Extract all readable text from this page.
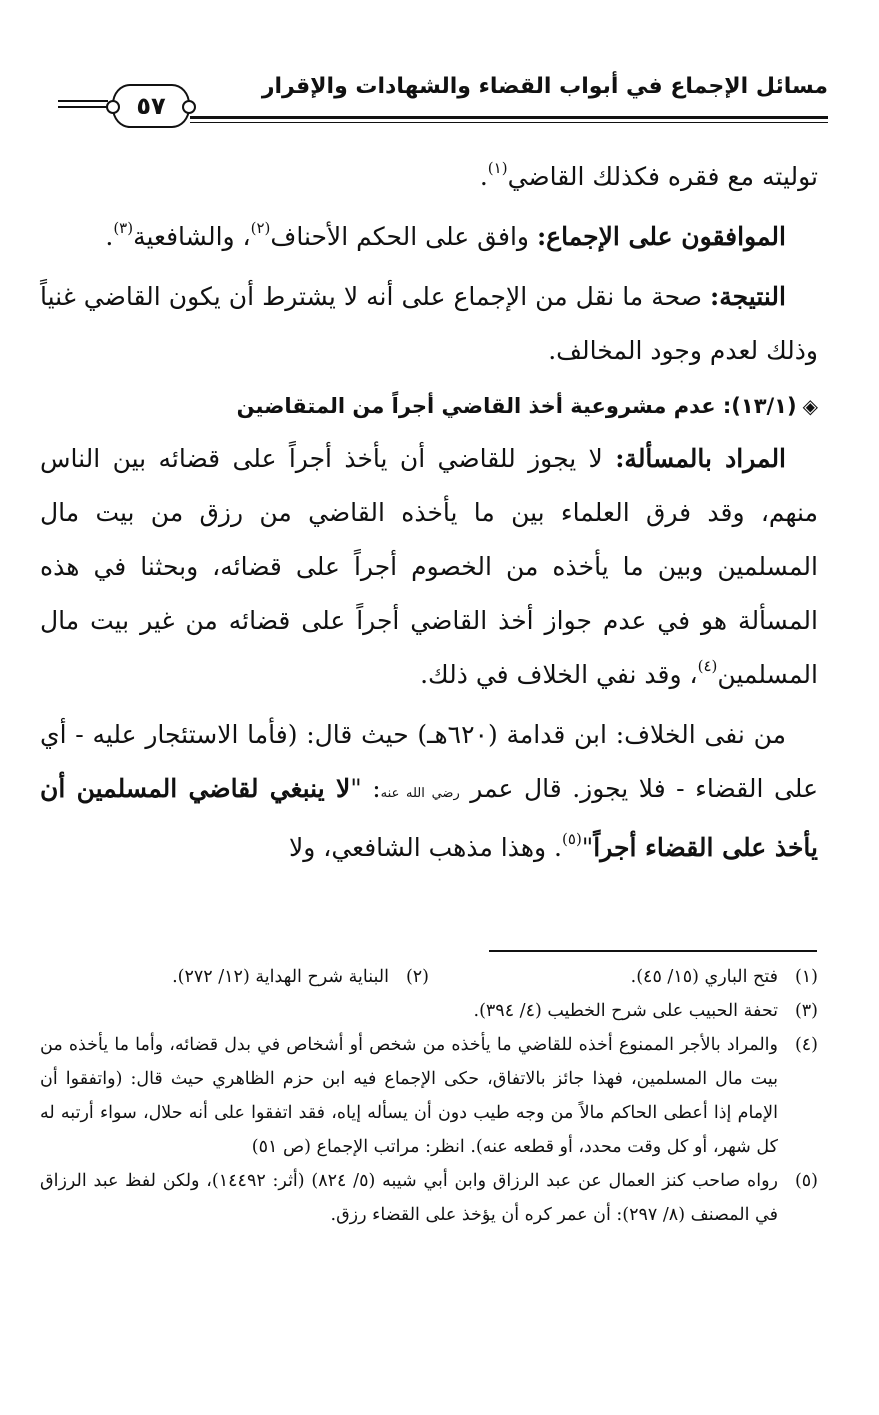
مسائل الإجماع في أبواب القضاء والشهادات والإقرار
٥٧

توليته مع فقره فكذلك القاضي$^{(١)}$.

الموافقون على الإجماع: وافق على الحكم الأحناف$^{(٢)}$، والشافعية$^{(٣)}$.

النتيجة: صحة ما نقل من الإجماع على أنه لا يشترط أن يكون القاضي غنياً وذلك لعدم وجود المخالف.

◈(١٣/١): عدم مشروعية أخذ القاضي أجراً من المتقاضين

المراد بالمسألة: لا يجوز للقاضي أن يأخذ أجراً على قضائه بين الناس منهم، وقد فرق العلماء بين ما يأخذه القاضي من رزق من بيت مال المسلمين وبين ما يأخذه من الخصوم أجراً على قضائه، وبحثنا في هذه المسألة هو في عدم جواز أخذ القاضي أجراً على قضائه من غير بيت مال المسلمين$^{(٤)}$، وقد نفي الخلاف في ذلك.

من نفى الخلاف: ابن قدامة (٦٢٠هـ) حيث قال: (فأما الاستئجار عليه - أي على القضاء - فلا يجوز. قال عمر رضي الله عنه: "لا ينبغي لقاضي المسلمين أن يأخذ على القضاء أجراً"$^{(٥)}$. وهذا مذهب الشافعي، ولا

(١)
فتح الباري (١٥/ ٤٥).
(٢)
البناية شرح الهداية (١٢/ ٢٧٢).
(٣)
تحفة الحبيب على شرح الخطيب (٤/ ٣٩٤).
(٤)
والمراد بالأجر الممنوع أخذه للقاضي ما يأخذه من شخص أو أشخاص في بدل قضائه، وأما ما يأخذه من بيت مال المسلمين، فهذا جائز بالاتفاق، حكى الإجماع فيه ابن حزم الظاهري حيث قال: (واتفقوا أن الإمام إذا أعطى الحاكم مالاً من وجه طيب دون أن يسأله إياه، فقد اتفقوا على أنه حلال، سواء أرتبه له كل شهر، أو كل وقت محدد، أو قطعه عنه). انظر: مراتب الإجماع (ص ٥١)
(٥)
رواه صاحب كنز العمال عن عبد الرزاق وابن أبي شيبه (٥/ ٨٢٤) (أثر: ١٤٤٩٢)، ولكن لفظ عبد الرزاق في المصنف (٨/ ٢٩٧): أن عمر كره أن يؤخذ على القضاء رزق.
